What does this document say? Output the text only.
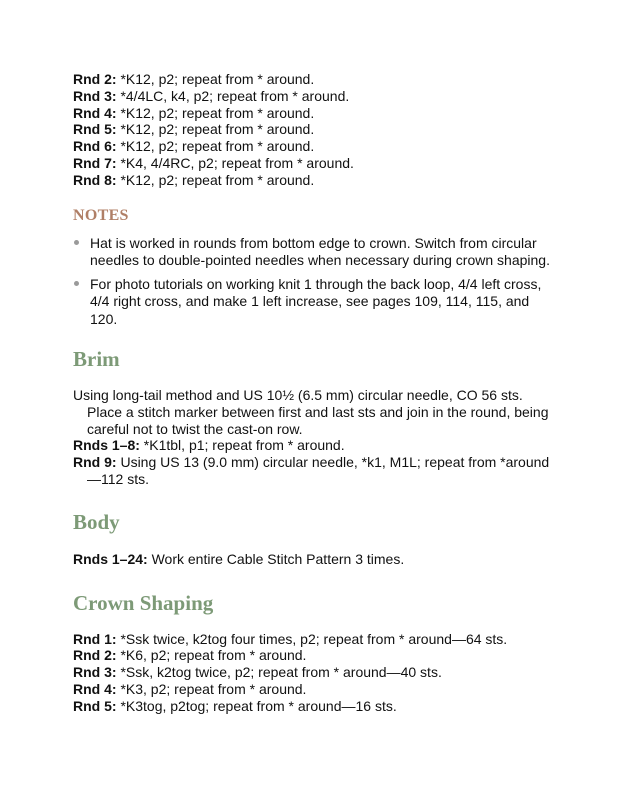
Rnd 2: *K12, p2; repeat from * around.

Rnd 3: *4/4LC, k4, p2; repeat from * around.

Rnd 4: *K12, p2; repeat from * around.

Rnd 5: *K12, p2; repeat from * around.

Rnd 6: *K12, p2; repeat from * around.

Rnd 7: *K4, 4/4RC, p2; repeat from * around.

Rnd 8: *K12, p2; repeat from * around.

NOTES
Hat is worked in rounds from bottom edge to crown. Switch from circular needles to double-pointed needles when necessary during crown shaping.
For photo tutorials on working knit 1 through the back loop, 4/4 left cross, 4/4 right cross, and make 1 left increase, see pages 109, 114, 115, and 120.
Brim

Using long-tail method and US 10½ (6.5 mm) circular needle, CO 56 sts. Place a stitch marker between first and last sts and join in the round, being careful not to twist the cast-on row.

Rnds 1–8: *K1tbl, p1; repeat from * around.

Rnd 9: Using US 13 (9.0 mm) circular needle, *k1, M1L; repeat from *around—112 sts.

Body

Rnds 1–24: Work entire Cable Stitch Pattern 3 times.

Crown Shaping

Rnd 1: *Ssk twice, k2tog four times, p2; repeat from * around—64 sts.

Rnd 2: *K6, p2; repeat from * around.

Rnd 3: *Ssk, k2tog twice, p2; repeat from * around—40 sts.

Rnd 4: *K3, p2; repeat from * around.

Rnd 5: *K3tog, p2tog; repeat from * around—16 sts.
